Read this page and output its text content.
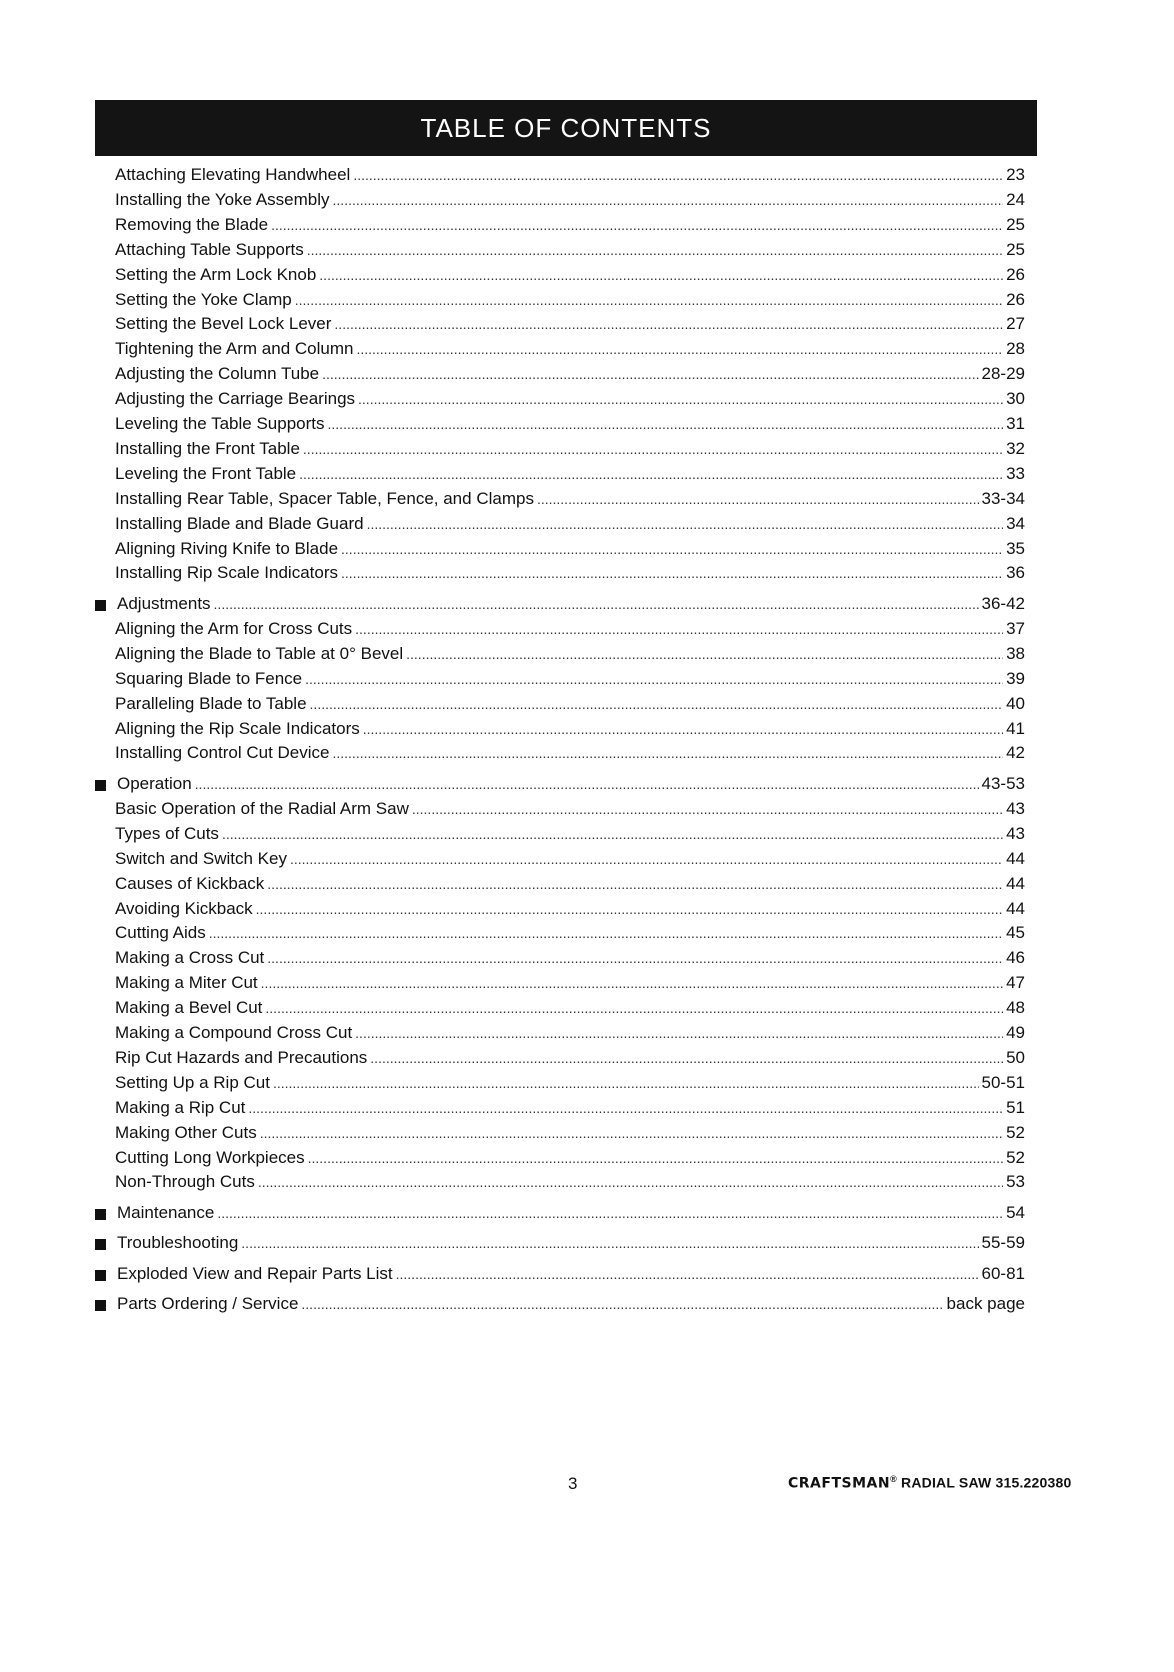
TABLE OF CONTENTS
Attaching Elevating Handwheel .....	23
Installing the Yoke Assembly .....	24
Removing the Blade .....	25
Attaching Table Supports .....	25
Setting the Arm Lock Knob .....	26
Setting the Yoke Clamp .....	26
Setting the Bevel Lock Lever .....	27
Tightening the Arm and Column .....	28
Adjusting the Column Tube .....	28-29
Adjusting the Carriage Bearings .....	30
Leveling the Table Supports .....	31
Installing the Front Table .....	32
Leveling the Front Table .....	33
Installing Rear Table, Spacer Table, Fence, and Clamps .....	33-34
Installing Blade and Blade Guard .....	34
Aligning Riving Knife to Blade .....	35
Installing Rip Scale Indicators .....	36
Adjustments .....	36-42
Aligning the Arm for Cross Cuts .....	37
Aligning the Blade to Table at 0° Bevel .....	38
Squaring Blade to Fence .....	39
Paralleling Blade to Table .....	40
Aligning the Rip Scale Indicators .....	41
Installing Control Cut Device .....	42
Operation .....	43-53
Basic Operation of the Radial Arm Saw .....	43
Types of Cuts .....	43
Switch and Switch Key .....	44
Causes of Kickback .....	44
Avoiding Kickback .....	44
Cutting Aids .....	45
Making a Cross Cut .....	46
Making a Miter Cut .....	47
Making a Bevel Cut .....	48
Making a Compound Cross Cut .....	49
Rip Cut Hazards and Precautions .....	50
Setting Up a Rip Cut .....	50-51
Making a Rip Cut .....	51
Making Other Cuts .....	52
Cutting Long Workpieces .....	52
Non-Through Cuts .....	53
Maintenance .....	54
Troubleshooting .....	55-59
Exploded View and Repair Parts List .....	60-81
Parts Ordering / Service .....	back page
3	CRAFTSMAN® RADIAL SAW 315.220380
